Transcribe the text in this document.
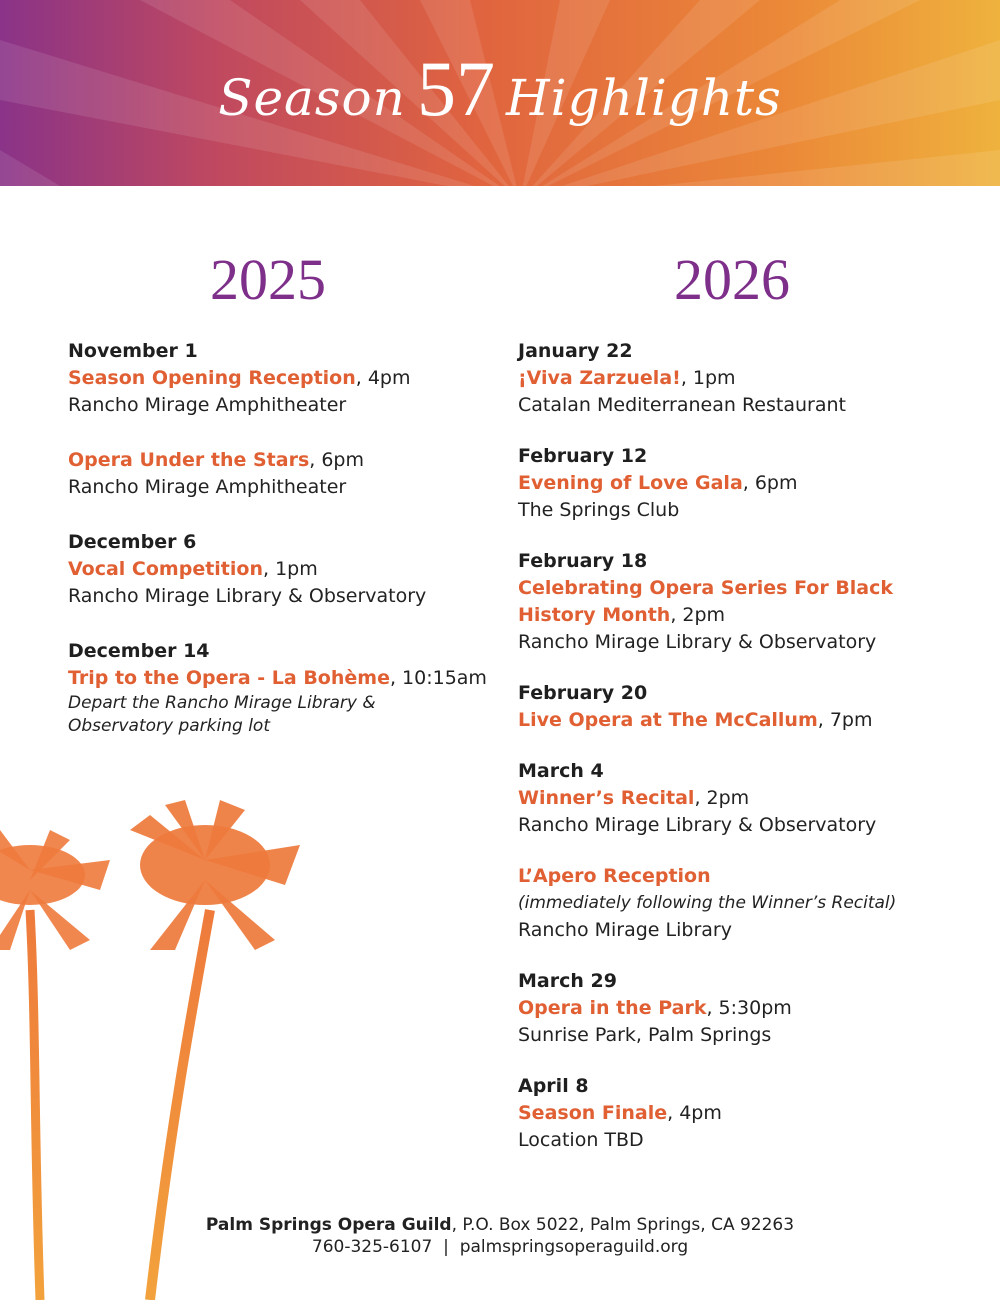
Season 57 Highlights
2025	2026
November 1
Season Opening Reception, 4pm
Rancho Mirage Amphitheater
Opera Under the Stars, 6pm
Rancho Mirage Amphitheater
December 6
Vocal Competition, 1pm
Rancho Mirage Library & Observatory
December 14
Trip to the Opera - La Bohème, 10:15am
Depart the Rancho Mirage Library & Observatory parking lot
January 22
¡Viva Zarzuela!, 1pm
Catalan Mediterranean Restaurant
February 12
Evening of Love Gala, 6pm
The Springs Club
February 18
Celebrating Opera Series For Black
History Month, 2pm
Rancho Mirage Library & Observatory
February 20
Live Opera at The McCallum, 7pm
March 4
Winner’s Recital, 2pm
Rancho Mirage Library & Observatory
L’Apero Reception
(immediately following the Winner’s Recital)
Rancho Mirage Library
March 29
Opera in the Park, 5:30pm
Sunrise Park, Palm Springs
April 8
Season Finale, 4pm
Location TBD
Palm Springs Opera Guild, P.O. Box 5022, Palm Springs, CA 92263
760-325-6107 | palmspringsoperaguild.org
